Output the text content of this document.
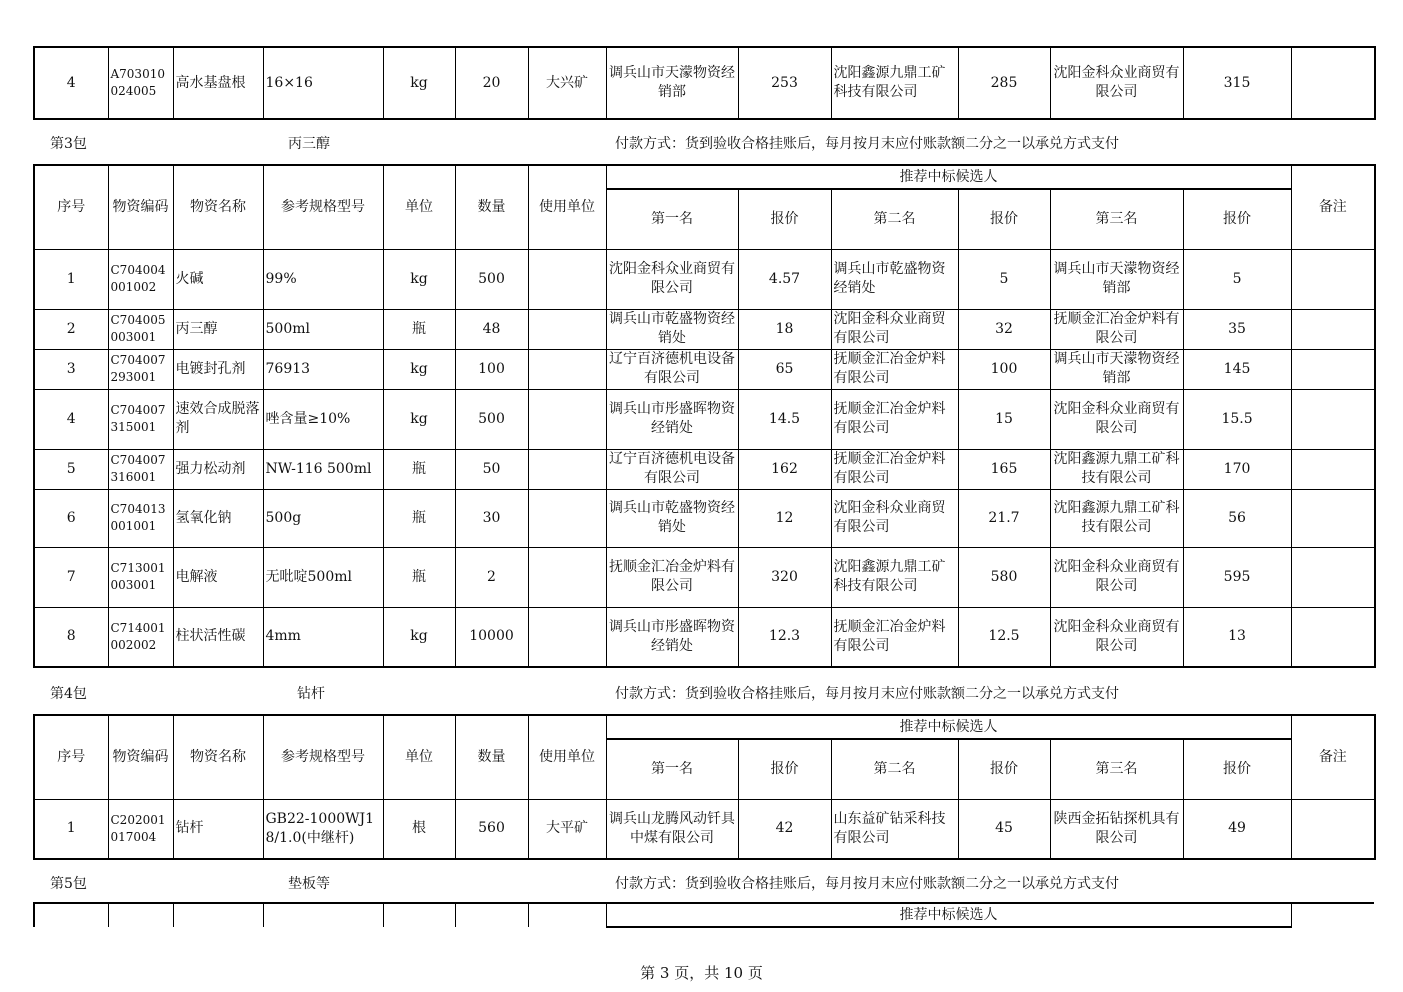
4	A703010024005	高水基盘根	16×16	kg	20	大兴矿	调兵山市天濛物资经销部	253	沈阳鑫源九鼎工矿科技有限公司	285	沈阳金科众业商贸有限公司	315	
第3包	丙三醇	付款方式：货到验收合格挂账后，每月按月末应付账款额二分之一以承兑方式支付
序号	物资编码	物资名称	参考规格型号	单位	数量	使用单位	推荐中标候选人						备注
							第一名	报价	第二名	报价	第三名	报价	
1	C704004001002	火碱	99%	kg	500		沈阳金科众业商贸有限公司	4.57	调兵山市乾盛物资经销处	5	调兵山市天濛物资经销部	5	
2	C704005003001	丙三醇	500ml	瓶	48		调兵山市乾盛物资经销处	18	沈阳金科众业商贸有限公司	32	抚顺金汇冶金炉料有限公司	35	
3	C704007293001	电镀封孔剂	76913	kg	100		辽宁百济德机电设备有限公司	65	抚顺金汇冶金炉料有限公司	100	调兵山市天濛物资经销部	145	
4	C704007315001	速效合成脱落剂	唑含量≥10%	kg	500		调兵山市彤盛晖物资经销处	14.5	抚顺金汇冶金炉料有限公司	15	沈阳金科众业商贸有限公司	15.5	
5	C704007316001	强力松动剂	NW-116 500ml	瓶	50		辽宁百济德机电设备有限公司	162	抚顺金汇冶金炉料有限公司	165	沈阳鑫源九鼎工矿科技有限公司	170	
6	C704013001001	氢氧化钠	500g	瓶	30		调兵山市乾盛物资经销处	12	沈阳金科众业商贸有限公司	21.7	沈阳鑫源九鼎工矿科技有限公司	56	
7	C713001003001	电解液	无吡啶500ml	瓶	2		抚顺金汇冶金炉料有限公司	320	沈阳鑫源九鼎工矿科技有限公司	580	沈阳金科众业商贸有限公司	595	
8	C714001002002	柱状活性碳	4mm	kg	10000		调兵山市彤盛晖物资经销处	12.3	抚顺金汇冶金炉料有限公司	12.5	沈阳金科众业商贸有限公司	13	
第4包	钻杆	付款方式：货到验收合格挂账后，每月按月末应付账款额二分之一以承兑方式支付
序号	物资编码	物资名称	参考规格型号	单位	数量	使用单位	推荐中标候选人						备注
							第一名	报价	第二名	报价	第三名	报价	
1	C202001017004	钻杆	GB22-1000WJ18/1.0(中继杆)	根	560	大平矿	调兵山龙腾风动钎具中煤有限公司	42	山东益矿钻采科技有限公司	45	陕西金拓钻探机具有限公司	49	
第5包	垫板等	付款方式：货到验收合格挂账后，每月按月末应付账款额二分之一以承兑方式支付
							推荐中标候选人	
第 3 页，共 10 页
